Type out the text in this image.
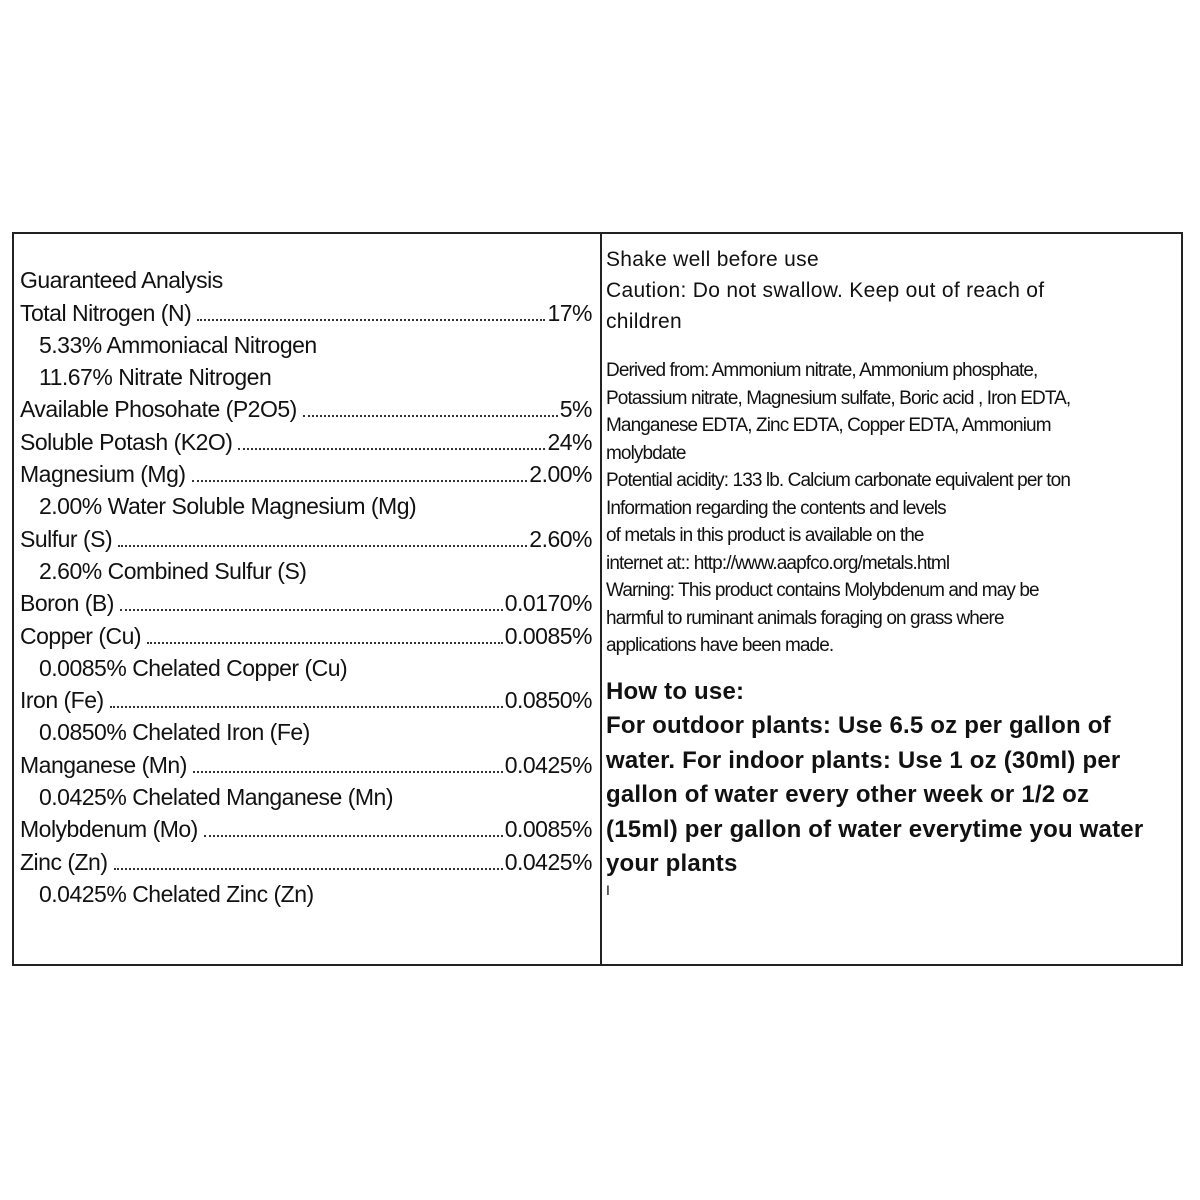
Guaranteed Analysis
Total Nitrogen (N)	17%
5.33% Ammoniacal Nitrogen
11.67% Nitrate Nitrogen
Available Phosohate (P2O5)	5%
Soluble Potash (K2O)	24%
Magnesium (Mg)	2.00%
2.00% Water Soluble Magnesium (Mg)
Sulfur (S)	2.60%
2.60% Combined Sulfur (S)
Boron (B)	0.0170%
Copper (Cu)	0.0085%
0.0085% Chelated Copper (Cu)
Iron (Fe)	0.0850%
0.0850% Chelated Iron (Fe)
Manganese (Mn)	0.0425%
0.0425% Chelated Manganese (Mn)
Molybdenum (Mo)	0.0085%
Zinc (Zn)	0.0425%
0.0425% Chelated Zinc (Zn)
Shake well before use
Caution: Do not swallow. Keep out of reach of
children
Derived from: Ammonium nitrate, Ammonium phosphate,
Potassium nitrate, Magnesium sulfate, Boric acid , Iron EDTA,
Manganese EDTA, Zinc EDTA, Copper EDTA, Ammonium
molybdate
Potential acidity: 133 lb. Calcium carbonate equivalent per ton
Information regarding the contents and levels
of metals in this product is available on the
internet at:: http://www.aapfco.org/metals.html
Warning: This product contains Molybdenum and may be
harmful to ruminant animals foraging on grass where
applications have been made.
How to use:
For outdoor plants: Use 6.5 oz per gallon of
water. For indoor plants: Use 1 oz (30ml) per
gallon of water every other week or 1/2 oz
(15ml) per gallon of water everytime you water
your plants
I
